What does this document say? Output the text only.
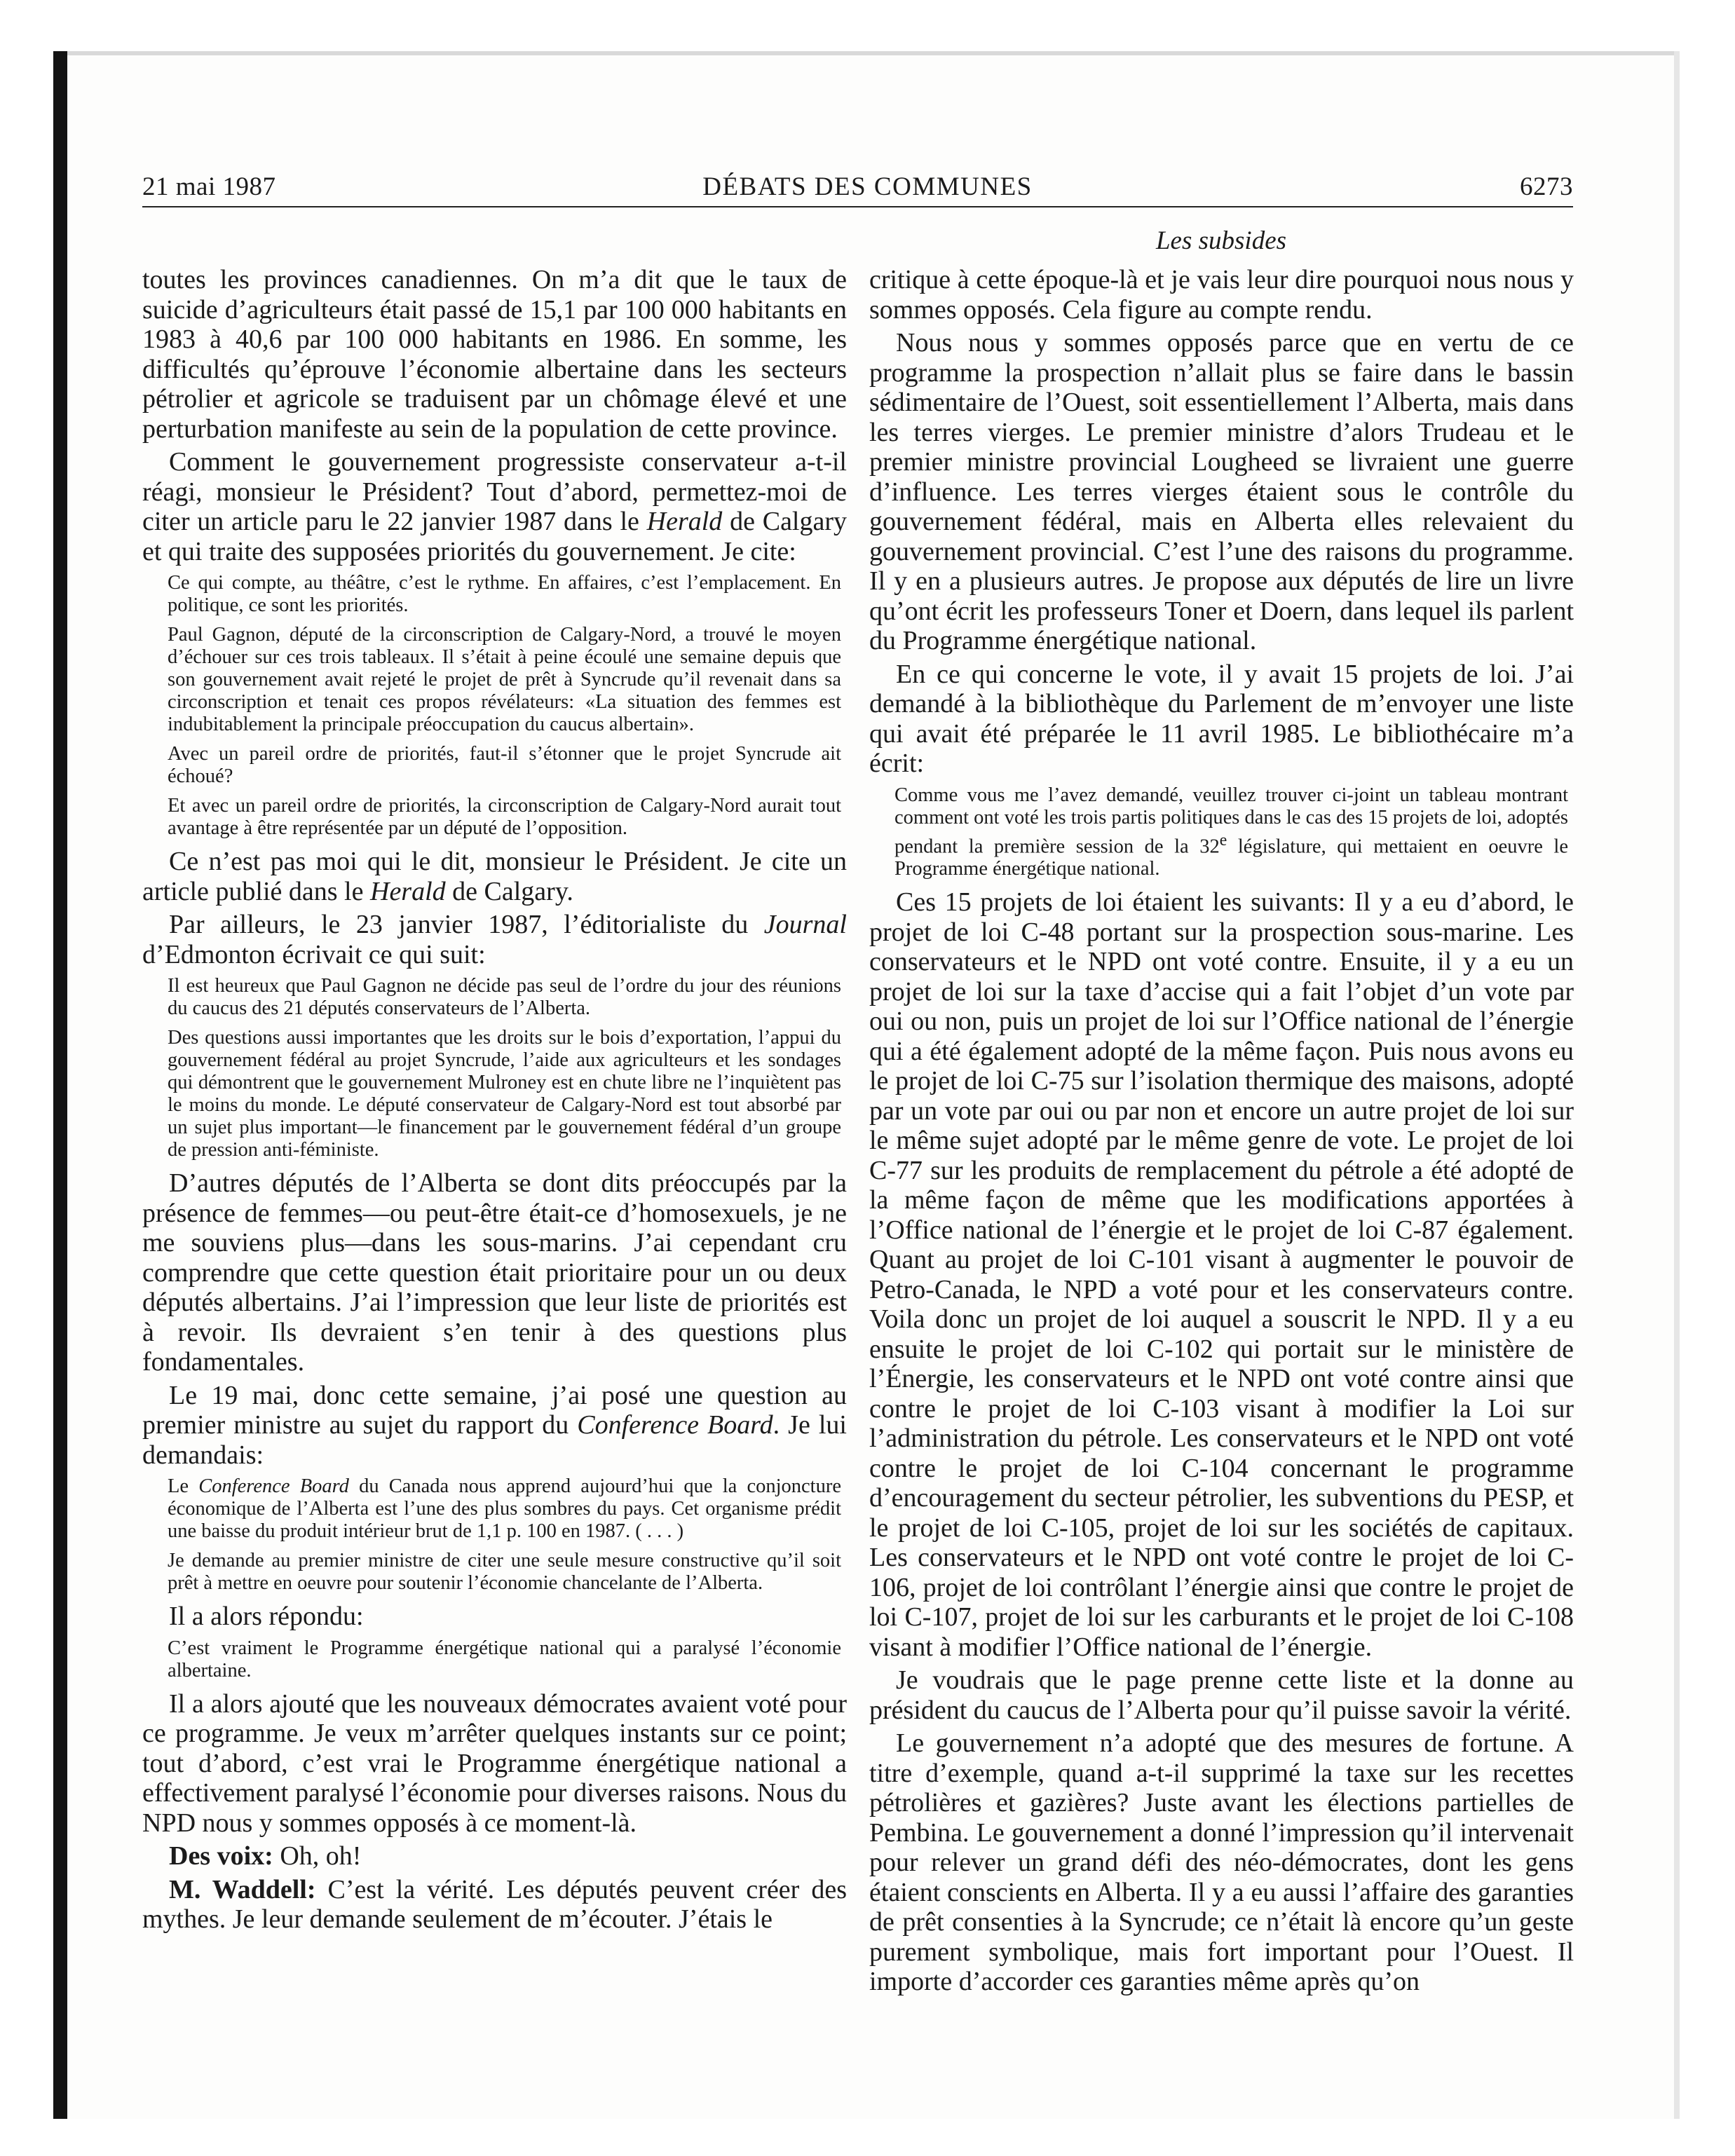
21 mai 1987	DÉBATS DES COMMUNES	6273
Les subsides

toutes les provinces canadiennes. On m’a dit que le taux de suicide d’agriculteurs était passé de 15,1 par 100 000 habitants en 1983 à 40,6 par 100 000 habitants en 1986. En somme, les difficultés qu’éprouve l’économie albertaine dans les secteurs pétrolier et agricole se traduisent par un chômage élevé et une perturbation manifeste au sein de la population de cette province.

Comment le gouvernement progressiste conservateur a-t-il réagi, monsieur le Président? Tout d’abord, permettez-moi de citer un article paru le 22 janvier 1987 dans le Herald de Calgary et qui traite des supposées priorités du gouvernement. Je cite:

Ce qui compte, au théâtre, c’est le rythme. En affaires, c’est l’emplacement. En politique, ce sont les priorités.

Paul Gagnon, député de la circonscription de Calgary-Nord, a trouvé le moyen d’échouer sur ces trois tableaux. Il s’était à peine écoulé une semaine depuis que son gouvernement avait rejeté le projet de prêt à Syncrude qu’il revenait dans sa circonscription et tenait ces propos révélateurs: «La situation des femmes est indubitablement la principale préoccupation du caucus albertain».

Avec un pareil ordre de priorités, faut-il s’étonner que le projet Syncrude ait échoué?

Et avec un pareil ordre de priorités, la circonscription de Calgary-Nord aurait tout avantage à être représentée par un député de l’opposition.

Ce n’est pas moi qui le dit, monsieur le Président. Je cite un article publié dans le Herald de Calgary.

Par ailleurs, le 23 janvier 1987, l’éditorialiste du Journal d’Edmonton écrivait ce qui suit:

Il est heureux que Paul Gagnon ne décide pas seul de l’ordre du jour des réunions du caucus des 21 députés conservateurs de l’Alberta.

Des questions aussi importantes que les droits sur le bois d’exportation, l’appui du gouvernement fédéral au projet Syncrude, l’aide aux agriculteurs et les sondages qui démontrent que le gouvernement Mulroney est en chute libre ne l’inquiètent pas le moins du monde. Le député conservateur de Calgary-Nord est tout absorbé par un sujet plus important—le financement par le gouvernement fédéral d’un groupe de pression anti-féministe.

D’autres députés de l’Alberta se dont dits préoccupés par la présence de femmes—ou peut-être était-ce d’homosexuels, je ne me souviens plus—dans les sous-marins. J’ai cependant cru comprendre que cette question était prioritaire pour un ou deux députés albertains. J’ai l’impression que leur liste de priorités est à revoir. Ils devraient s’en tenir à des questions plus fondamentales.

Le 19 mai, donc cette semaine, j’ai posé une question au premier ministre au sujet du rapport du Conference Board. Je lui demandais:

Le Conference Board du Canada nous apprend aujourd’hui que la conjoncture économique de l’Alberta est l’une des plus sombres du pays. Cet organisme prédit une baisse du produit intérieur brut de 1,1 p. 100 en 1987. ( . . . )

Je demande au premier ministre de citer une seule mesure constructive qu’il soit prêt à mettre en oeuvre pour soutenir l’économie chancelante de l’Alberta.

Il a alors répondu:

C’est vraiment le Programme énergétique national qui a paralysé l’économie albertaine.

Il a alors ajouté que les nouveaux démocrates avaient voté pour ce programme. Je veux m’arrêter quelques instants sur ce point; tout d’abord, c’est vrai le Programme énergétique national a effectivement paralysé l’économie pour diverses raisons. Nous du NPD nous y sommes opposés à ce moment-là.

Des voix: Oh, oh!

M. Waddell: C’est la vérité. Les députés peuvent créer des mythes. Je leur demande seulement de m’écouter. J’étais le

critique à cette époque-là et je vais leur dire pourquoi nous nous y sommes opposés. Cela figure au compte rendu.

Nous nous y sommes opposés parce que en vertu de ce programme la prospection n’allait plus se faire dans le bassin sédimentaire de l’Ouest, soit essentiellement l’Alberta, mais dans les terres vierges. Le premier ministre d’alors Trudeau et le premier ministre provincial Lougheed se livraient une guerre d’influence. Les terres vierges étaient sous le contrôle du gouvernement fédéral, mais en Alberta elles relevaient du gouvernement provincial. C’est l’une des raisons du programme. Il y en a plusieurs autres. Je propose aux députés de lire un livre qu’ont écrit les professeurs Toner et Doern, dans lequel ils parlent du Programme énergétique national.

En ce qui concerne le vote, il y avait 15 projets de loi. J’ai demandé à la bibliothèque du Parlement de m’envoyer une liste qui avait été préparée le 11 avril 1985. Le bibliothécaire m’a écrit:

Comme vous me l’avez demandé, veuillez trouver ci-joint un tableau montrant comment ont voté les trois partis politiques dans le cas des 15 projets de loi, adoptés pendant la première session de la 32e législature, qui mettaient en oeuvre le Programme énergétique national.

Ces 15 projets de loi étaient les suivants: Il y a eu d’abord, le projet de loi C-48 portant sur la prospection sous-marine. Les conservateurs et le NPD ont voté contre. Ensuite, il y a eu un projet de loi sur la taxe d’accise qui a fait l’objet d’un vote par oui ou non, puis un projet de loi sur l’Office national de l’énergie qui a été également adopté de la même façon. Puis nous avons eu le projet de loi C-75 sur l’isolation thermique des maisons, adopté par un vote par oui ou par non et encore un autre projet de loi sur le même sujet adopté par le même genre de vote. Le projet de loi C-77 sur les produits de remplacement du pétrole a été adopté de la même façon de même que les modifications apportées à l’Office national de l’énergie et le projet de loi C-87 également. Quant au projet de loi C-101 visant à augmenter le pouvoir de Petro-Canada, le NPD a voté pour et les conservateurs contre. Voila donc un projet de loi auquel a souscrit le NPD. Il y a eu ensuite le projet de loi C-102 qui portait sur le ministère de l’Énergie, les conservateurs et le NPD ont voté contre ainsi que contre le projet de loi C-103 visant à modifier la Loi sur l’administration du pétrole. Les conservateurs et le NPD ont voté contre le projet de loi C-104 concernant le programme d’encouragement du secteur pétrolier, les subventions du PESP, et le projet de loi C-105, projet de loi sur les sociétés de capitaux. Les conservateurs et le NPD ont voté contre le projet de loi C-106, projet de loi contrôlant l’énergie ainsi que contre le projet de loi C-107, projet de loi sur les carburants et le projet de loi C-108 visant à modifier l’Office national de l’énergie.

Je voudrais que le page prenne cette liste et la donne au président du caucus de l’Alberta pour qu’il puisse savoir la vérité.

Le gouvernement n’a adopté que des mesures de fortune. A titre d’exemple, quand a-t-il supprimé la taxe sur les recettes pétrolières et gazières? Juste avant les élections partielles de Pembina. Le gouvernement a donné l’impression qu’il intervenait pour relever un grand défi des néo-démocrates, dont les gens étaient conscients en Alberta. Il y a eu aussi l’affaire des garanties de prêt consenties à la Syncrude; ce n’était là encore qu’un geste purement symbolique, mais fort important pour l’Ouest. Il importe d’accorder ces garanties même après qu’on
